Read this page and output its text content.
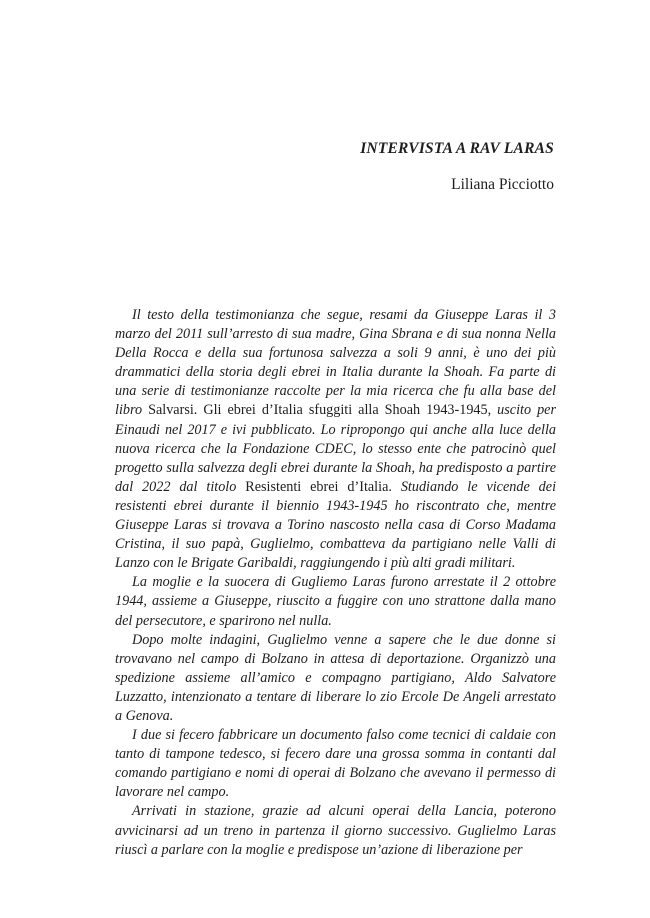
INTERVISTA A RAV LARAS
Liliana Picciotto

Il testo della testimonianza che segue, resami da Giuseppe Laras il 3 marzo del 2011 sull’arresto di sua madre, Gina Sbrana e di sua nonna Nella Della Rocca e della sua fortunosa salvezza a soli 9 anni, è uno dei più drammatici della storia degli ebrei in Italia durante la Shoah. Fa parte di una serie di testimonianze raccolte per la mia ricerca che fu alla base del libro Salvarsi. Gli ebrei d’Italia sfuggiti alla Shoah 1943-1945, uscito per Einaudi nel 2017 e ivi pubblicato. Lo ripropongo qui anche alla luce della nuova ricerca che la Fondazione CDEC, lo stesso ente che patrocinò quel progetto sulla salvezza degli ebrei durante la Shoah, ha predisposto a partire dal 2022 dal titolo Resistenti ebrei d’Italia. Studiando le vicende dei resistenti ebrei durante il biennio 1943-1945 ho riscontrato che, mentre Giuseppe Laras si trovava a Torino nascosto nella casa di Corso Madama Cristina, il suo papà, Guglielmo, combatteva da partigiano nelle Valli di Lanzo con le Brigate Garibaldi, raggiungendo i più alti gradi militari.

La moglie e la suocera di Gugliemo Laras furono arrestate il 2 ottobre 1944, assieme a Giuseppe, riuscito a fuggire con uno strattone dalla mano del persecutore, e sparirono nel nulla.

Dopo molte indagini, Guglielmo venne a sapere che le due donne si trovavano nel campo di Bolzano in attesa di deportazione. Organizzò una spedizione assieme all’amico e compagno partigiano, Aldo Salvatore Luzzatto, intenzionato a tentare di liberare lo zio Ercole De Angeli arrestato a Genova.

I due si fecero fabbricare un documento falso come tecnici di caldaie con tanto di tampone tedesco, si fecero dare una grossa somma in contanti dal comando partigiano e nomi di operai di Bolzano che avevano il permesso di lavorare nel campo.

Arrivati in stazione, grazie ad alcuni operai della Lancia, poterono avvicinarsi ad un treno in partenza il giorno successivo. Guglielmo Laras riuscì a parlare con la moglie e predispose un’azione di liberazione per
